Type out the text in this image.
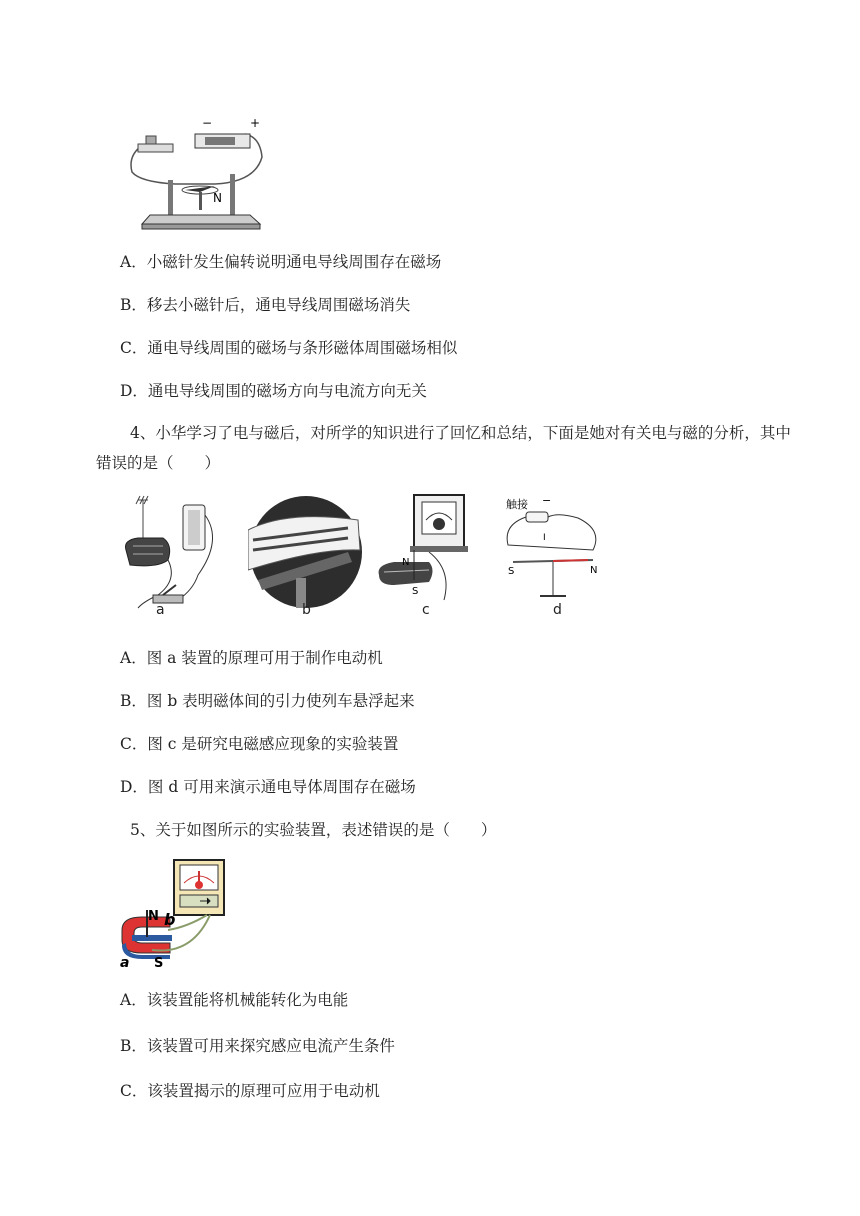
−	+
N
A．小磁针发生偏转说明通电导线周围存在磁场
B．移去小磁针后，通电导线周围磁场消失
C．通电导线周围的磁场与条形磁体周围磁场相似
D．通电导线周围的磁场方向与电流方向无关
4、小华学习了电与磁后，对所学的知识进行了回忆和总结，下面是她对有关电与磁的分析，其中
错误的是（　　）
a	b
N
S
c
触接 −
I
S	N
d
A．图 a 装置的原理可用于制作电动机
B．图 b 表明磁体间的引力使列车悬浮起来
C．图 c 是研究电磁感应现象的实验装置
D．图 d 可用来演示通电导体周围存在磁场
5、关于如图所示的实验装置，表述错误的是（　　）
N b
a S
A．该装置能将机械能转化为电能
B．该装置可用来探究感应电流产生条件
C．该装置揭示的原理可应用于电动机
